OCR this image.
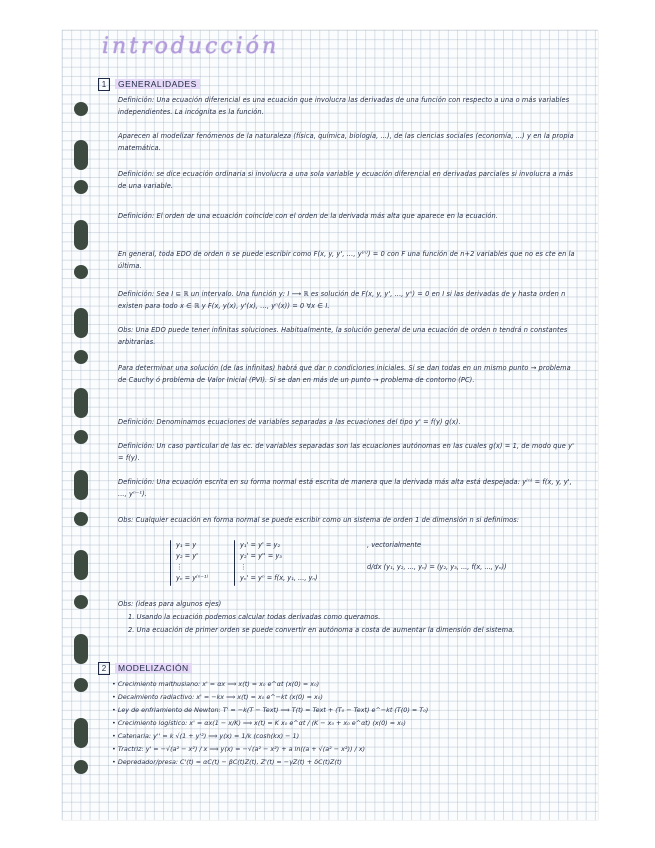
introducción
1 GENERALIDADES
Definición: Una ecuación diferencial es una ecuación que involucra las derivadas de una función con respecto a una o más variables independientes. La incógnita es la función.
Aparecen al modelizar fenómenos de la naturaleza (física, química, biología, ...), de las ciencias sociales (economía, ...) y en la propia matemática.
Definición: se dice ecuación ordinaria si involucra a una sola variable y ecuación diferencial en derivadas parciales si involucra a más de una variable.
Definición: El orden de una ecuación coincide con el orden de la derivada más alta que aparece en la ecuación.
En general, toda EDO de orden n se puede escribir como F(x, y, y', ..., y⁽ⁿ⁾) = 0 con F una función de n+2 variables que no es cte en la última.
Definición: Sea I ⊆ ℝ un intervalo. Una función y: I ⟶ ℝ es solución de F(x, y, y', ..., yⁿ) = 0 en I si las derivadas de y hasta orden n existen para todo x ∈ ℝ y F(x, y(x), y'(x), ..., yⁿ(x)) = 0 ∀x ∈ I.
Obs: Una EDO puede tener infinitas soluciones. Habitualmente, la solución general de una ecuación de orden n tendrá n constantes arbitrarias.
Para determinar una solución (de las infinitas) habrá que dar n condiciones iniciales. Si se dan todas en un mismo punto → problema de Cauchy ó problema de Valor Inicial (PVI). Si se dan en más de un punto → problema de contorno (PC).
Definición: Denominamos ecuaciones de variables separadas a las ecuaciones del tipo y' = f(y) g(x).
Definición: Un caso particular de las ec. de variables separadas son las ecuaciones autónomas en las cuales g(x) = 1, de modo que y' = f(y).
Definición: Una ecuación escrita en su forma normal está escrita de manera que la derivada más alta está despejada: y⁽ⁿ⁾ = f(x, y, y', ..., yⁿ⁻¹).
Obs: Cualquier ecuación en forma normal se puede escribir como un sistema de orden 1 de dimensión n si definimos:
y₁ = y
y₂ = y'
⋮
yₙ = y⁽ⁿ⁻¹⁾
y₁' = y' = y₂
y₂' = y'' = y₃
⋮
yₙ' = yⁿ = f(x, y₁, ..., yₙ)
, vectorialmente
d/dx (y₁, y₂, ..., yₙ) = (y₂, y₃, ..., f(x, ..., yₙ))
Obs: (ideas para algunos ejes)
1. Usando la ecuación podemos calcular todas derivadas como queramos.
2. Una ecuación de primer orden se puede convertir en autónoma a costa de aumentar la dimensión del sistema.
2 MODELIZACIÓN
• Crecimiento malthusiano: x' = αx ⟹ x(t) = x₀ e^αt (x(0) = x₀)
• Decaimiento radiactivo: x' = −kx ⟹ x(t) = x₀ e^−kt (x(0) = x₀)
• Ley de enfriamiento de Newton: T' = −k(T − Text) ⟹ T(t) = Text + (T₀ − Text) e^−kt (T(0) = T₀)
• Crecimiento logístico: x' = αx(1 − x/K) ⟹ x(t) = K x₀ e^αt / (K − x₀ + x₀ e^αt) (x(0) = x₀)
• Catenaria: y'' = k √(1 + y'²) ⟹ y(x) = 1/k (cosh(kx) − 1)
• Tractriz: y' = −√(a² − x²) / x ⟹ y(x) = −√(a² − x²) + a ln((a + √(a² − x²)) / x)
• Depredador/presa: C'(t) = αC(t) − βC(t)Z(t), Z'(t) = −γZ(t) + δC(t)Z(t)
